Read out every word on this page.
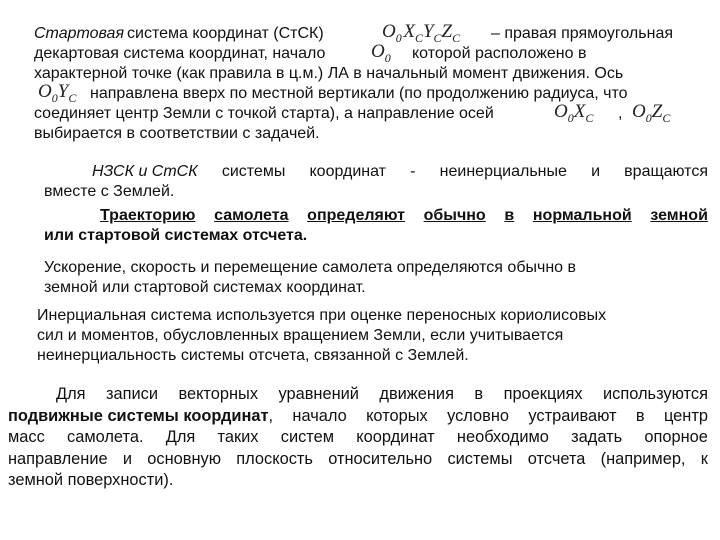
Стартовая система координат (СтСК)	$O_0$ $X_CY_CZ_C$ – правая прямоугольная
декартовая система координат, начало $O_0$ которой расположено в
характерной точке (как правила в ц.м.) ЛА в начальный момент движения. Ось
$O_0Y_C$ направлена вверх по местной вертикали (по продолжению радиуса, что
соединяет центр Земли с точкой старта), а направление осей	$O_0X_C$ , $O_0Z_C$
выбирается в соответствии с задачей.
НЗСК и СтСК системы координат - неинерциальные и вращаются
вместе с Землей.
Траекторию самолета определяют обычно в нормальной земной
или стартовой системах отсчета.
Ускорение, скорость и перемещение самолета определяются обычно в
земной или стартовой системах координат.
Инерциальная система используется при оценке переносных кориолисовых
сил и моментов, обусловленных вращением Земли, если учитывается
неинерциальность системы отсчета, связанной с Землей.
Для записи векторных уравнений движения в проекциях используются
подвижные системы координат, начало которых условно устраивают в центр
масс самолета. Для таких систем координат необходимо задать опорное
направление и основную плоскость относительно системы отсчета (например, к
земной поверхности).
